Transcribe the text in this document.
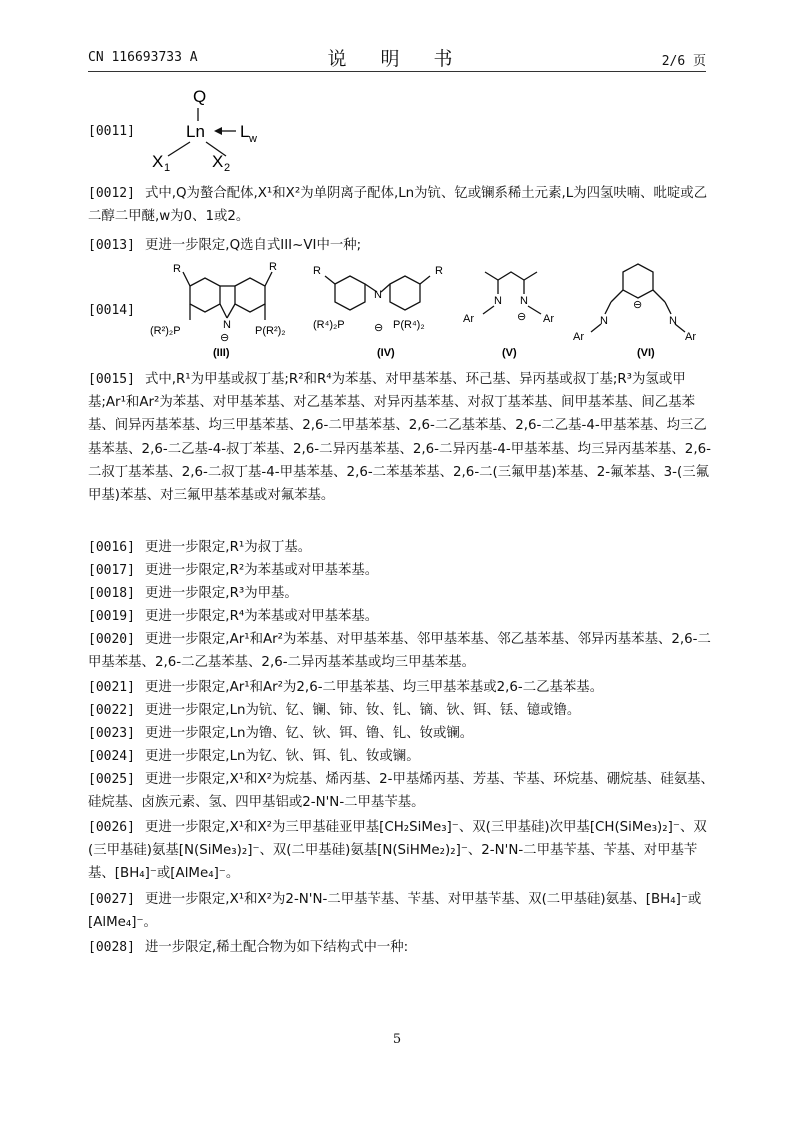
CN 116693733 A	说 明 书	2/6 页
[0011]
Q
Ln L w
X 1 X 2
[0012] 式中,Q为螯合配体,X¹和X²为单阴离子配体,Ln为钪、钇或镧系稀土元素,L为四氢呋喃、吡啶或乙二醇二甲醚,w为0、1或2。
[0013] 更进一步限定,Q选自式III~VI中一种;
[0014]
R	R
N
⊖
(R²)₂P	P(R²)₂
(III)
R	R
N
⊖
(R⁴)₂P	P(R⁴)₂
(IV)
N N
⊖
Ar	Ar
(V)
⊖
N	N
Ar	Ar
(VI)
[0015] 式中,R¹为甲基或叔丁基;R²和R⁴为苯基、对甲基苯基、环己基、异丙基或叔丁基;R³为氢或甲基;Ar¹和Ar²为苯基、对甲基苯基、对乙基苯基、对异丙基苯基、对叔丁基苯基、间甲基苯基、间乙基苯基、间异丙基苯基、均三甲基苯基、2,6-二甲基苯基、2,6-二乙基苯基、2,6-二乙基-4-甲基苯基、均三乙基苯基、2,6-二乙基-4-叔丁苯基、2,6-二异丙基苯基、2,6-二异丙基-4-甲基苯基、均三异丙基苯基、2,6-二叔丁基苯基、2,6-二叔丁基-4-甲基苯基、2,6-二苯基苯基、2,6-二(三氟甲基)苯基、2-氟苯基、3-(三氟甲基)苯基、对三氟甲基苯基或对氟苯基。
[0016] 更进一步限定,R¹为叔丁基。
[0017] 更进一步限定,R²为苯基或对甲基苯基。
[0018] 更进一步限定,R³为甲基。
[0019] 更进一步限定,R⁴为苯基或对甲基苯基。
[0020] 更进一步限定,Ar¹和Ar²为苯基、对甲基苯基、邻甲基苯基、邻乙基苯基、邻异丙基苯基、2,6-二甲基苯基、2,6-二乙基苯基、2,6-二异丙基苯基或均三甲基苯基。
[0021] 更进一步限定,Ar¹和Ar²为2,6-二甲基苯基、均三甲基苯基或2,6-二乙基苯基。
[0022] 更进一步限定,Ln为钪、钇、镧、铈、钕、钆、镝、钬、铒、铥、镱或镥。
[0023] 更进一步限定,Ln为镥、钇、钬、铒、镥、钆、钕或镧。
[0024] 更进一步限定,Ln为钇、钬、铒、钆、钕或镧。
[0025] 更进一步限定,X¹和X²为烷基、烯丙基、2-甲基烯丙基、芳基、苄基、环烷基、硼烷基、硅氨基、硅烷基、卤族元素、氢、四甲基铝或2-N'N-二甲基苄基。
[0026] 更进一步限定,X¹和X²为三甲基硅亚甲基[CH₂SiMe₃]⁻、双(三甲基硅)次甲基[CH(SiMe₃)₂]⁻、双(三甲基硅)氨基[N(SiMe₃)₂]⁻、双(二甲基硅)氨基[N(SiHMe₂)₂]⁻、2-N'N-二甲基苄基、苄基、对甲基苄基、[BH₄]⁻或[AlMe₄]⁻。
[0027] 更进一步限定,X¹和X²为2-N'N-二甲基苄基、苄基、对甲基苄基、双(二甲基硅)氨基、[BH₄]⁻或[AlMe₄]⁻。
[0028] 进一步限定,稀土配合物为如下结构式中一种:
5
